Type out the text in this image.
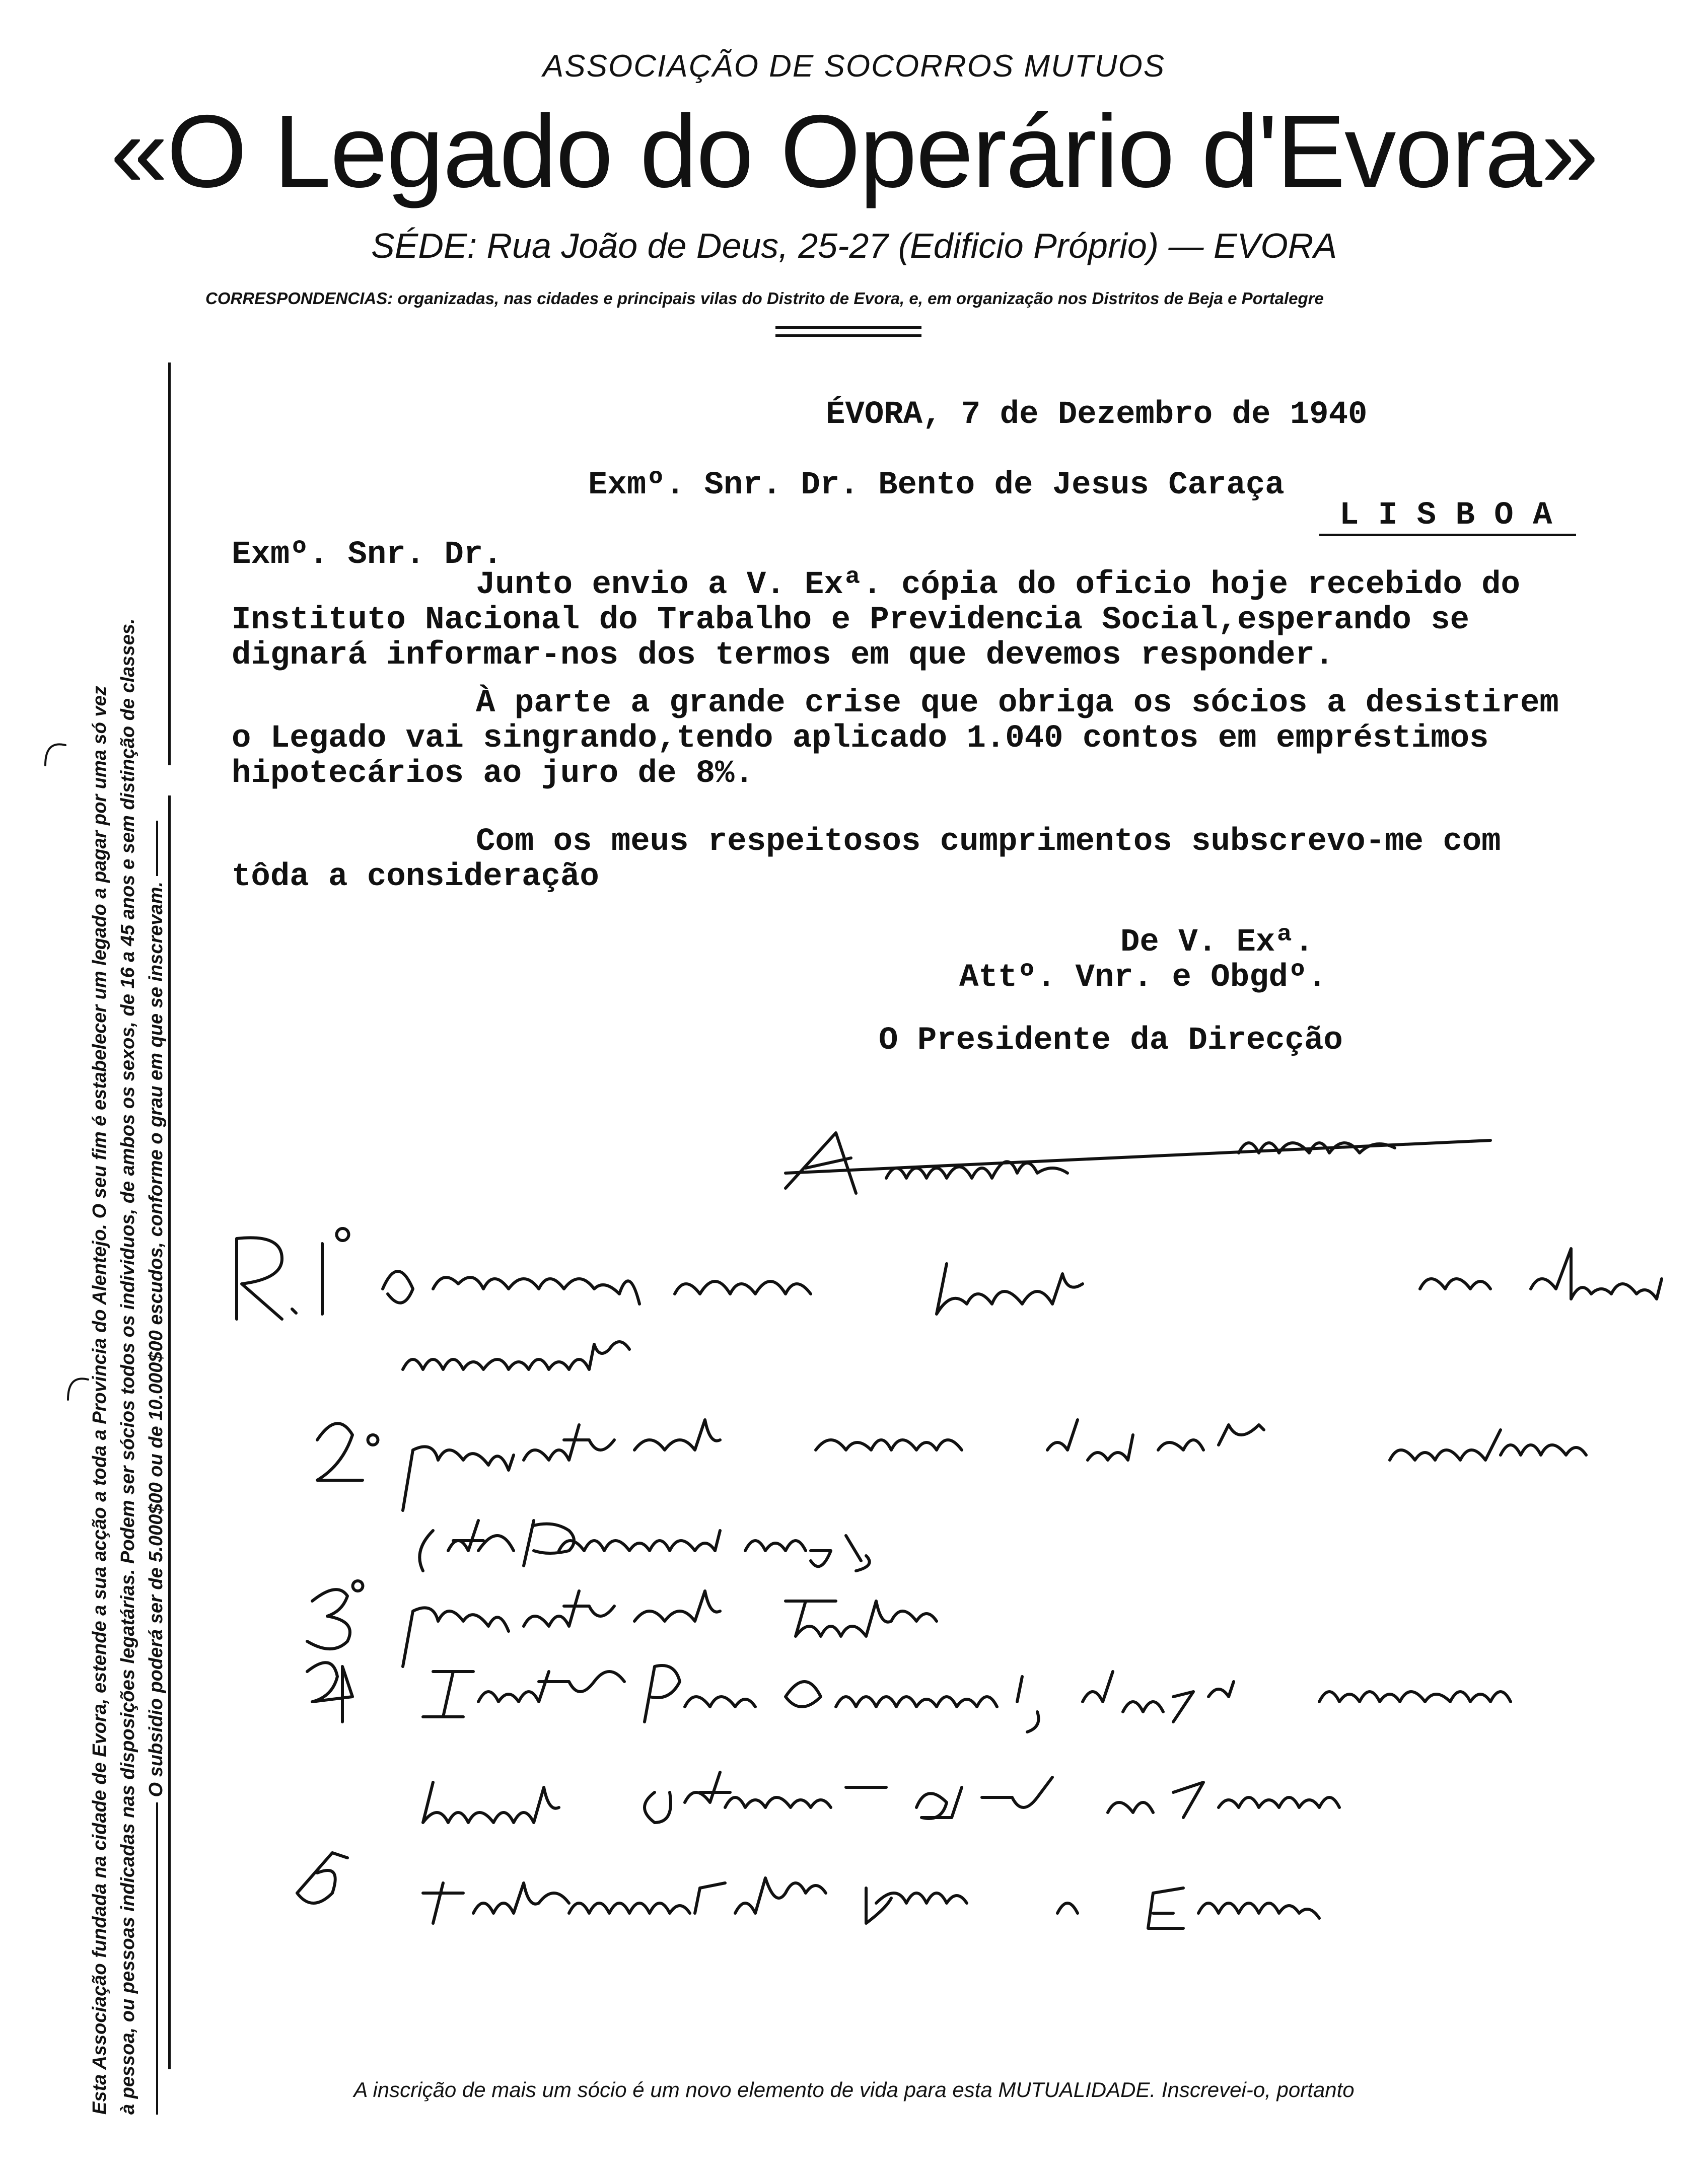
ASSOCIAÇÃO DE SOCORROS MUTUOS
«O Legado do Operário d'Evora»
SÉDE: Rua João de Deus, 25-27 (Edificio Próprio) — EVORA
CORRESPONDENCIAS: organizadas, nas cidades e principais vilas do Distrito de Evora, e, em organização nos Distritos de Beja e Portalegre
Esta Associação fundada na cidade de Evora, estende a sua acção a toda a Provincia do Alentejo. O seu fim é estabelecer um legado a pagar por uma só vez à pessoa, ou pessoas indicadas nas disposições legatárias. Podem ser sócios todos os individuos, de ambos os sexos, de 16 a 45 anos e sem distinção de classes. O subsidio poderá ser de 5.000$00 ou de 10.000$00 escudos, conforme o grau em que se inscrevam.
ÉVORA, 7 de Dezembro de 1940
Exmº. Snr. Dr. Bento de Jesus Caraça
L I S B O A
Exmº. Snr. Dr.
Junto envio a V. Exª. cópia do oficio hoje recebido do
Instituto Nacional do Trabalho e Previdencia Social,esperando se
dignará informar-nos dos termos em que devemos responder.
À parte a grande crise que obriga os sócios a desistirem
o Legado vai singrando,tendo aplicado 1.040 contos em empréstimos
hipotecários ao juro de 8%.
Com os meus respeitosos cumprimentos subscrevo-me com
tôda a consideração
De V. Exª.
Attº. Vnr. e Obgdº.
O Presidente da Direcção
A inscrição de mais um sócio é um novo elemento de vida para esta MUTUALIDADE. Inscrevei-o, portanto
